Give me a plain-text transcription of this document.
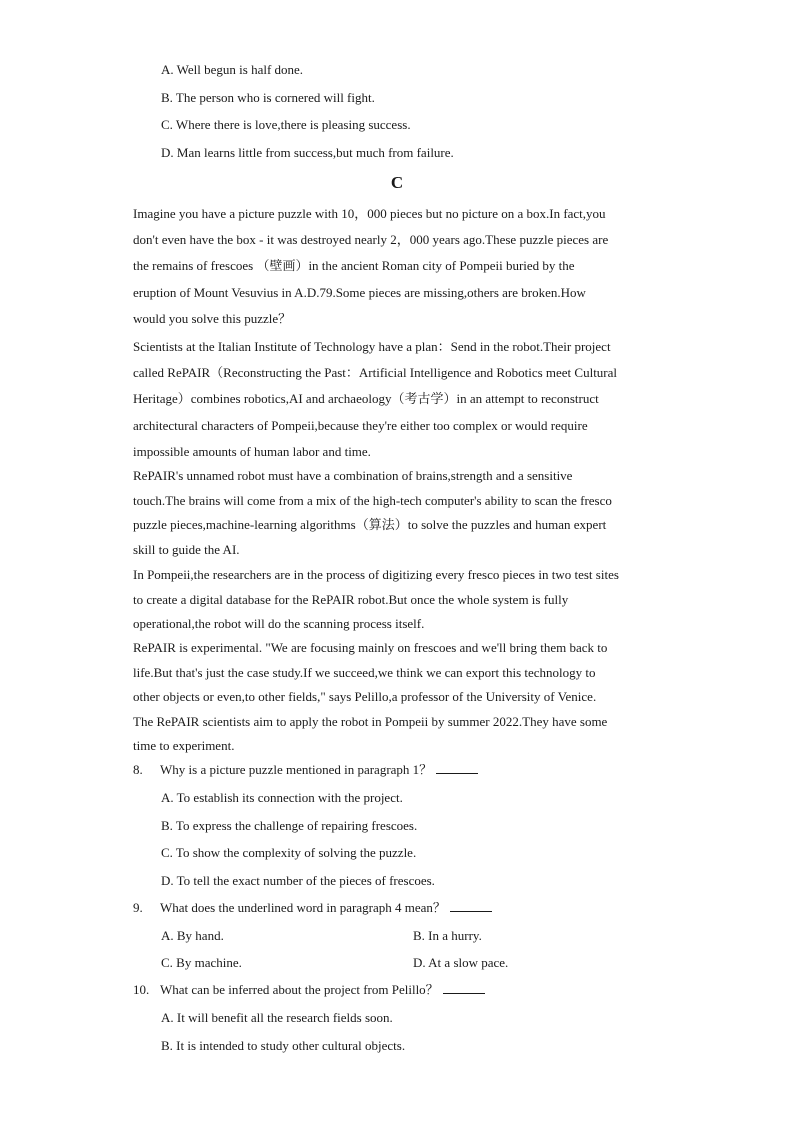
A. Well begun is half done.
B. The person who is cornered will fight.
C. Where there is love,there is pleasing success.
D. Man learns little from success,but much from failure.
C
Imagine you have a picture puzzle with 10，000 pieces but no picture on a box.In fact,you
don't even have the box - it was destroyed nearly 2，000 years ago.These puzzle pieces are
the remains of frescoes （壁画）in the ancient Roman city of Pompeii buried by the
eruption of Mount Vesuvius in A.D.79.Some pieces are missing,others are broken.How
would you solve this puzzle？
Scientists at the Italian Institute of Technology have a plan：Send in the robot.Their project
called RePAIR（Reconstructing the Past：Artificial Intelligence and Robotics meet Cultural
Heritage）combines robotics,AI and archaeology（考古学）in an attempt to reconstruct
architectural characters of Pompeii,because they're either too complex or would require
impossible amounts of human labor and time.
RePAIR's unnamed robot must have a combination of brains,strength and a sensitive
touch.The brains will come from a mix of the high-tech computer's ability to scan the fresco
puzzle pieces,machine-learning algorithms（算法）to solve the puzzles and human expert
skill to guide the AI.
In Pompeii,the researchers are in the process of digitizing every fresco pieces in two test sites
to create a digital database for the RePAIR robot.But once the whole system is fully
operational,the robot will do the scanning process itself.
RePAIR is experimental. "We are focusing mainly on frescoes and we'll bring them back to
life.But that's just the case study.If we succeed,we think we can export this technology to
other objects or even,to other fields," says Pelillo,a professor of the University of Venice.
The RePAIR scientists aim to apply the robot in Pompeii by summer 2022.They have some
time to experiment.
8. Why is a picture puzzle mentioned in paragraph 1？
A. To establish its connection with the project.
B. To express the challenge of repairing frescoes.
C. To show the complexity of solving the puzzle.
D. To tell the exact number of the pieces of frescoes.
9. What does the underlined word in paragraph 4 mean？
A. By hand.	B. In a hurry.
C. By machine.	D. At a slow pace.
10. What can be inferred about the project from Pelillo？
A. It will benefit all the research fields soon.
B. It is intended to study other cultural objects.
